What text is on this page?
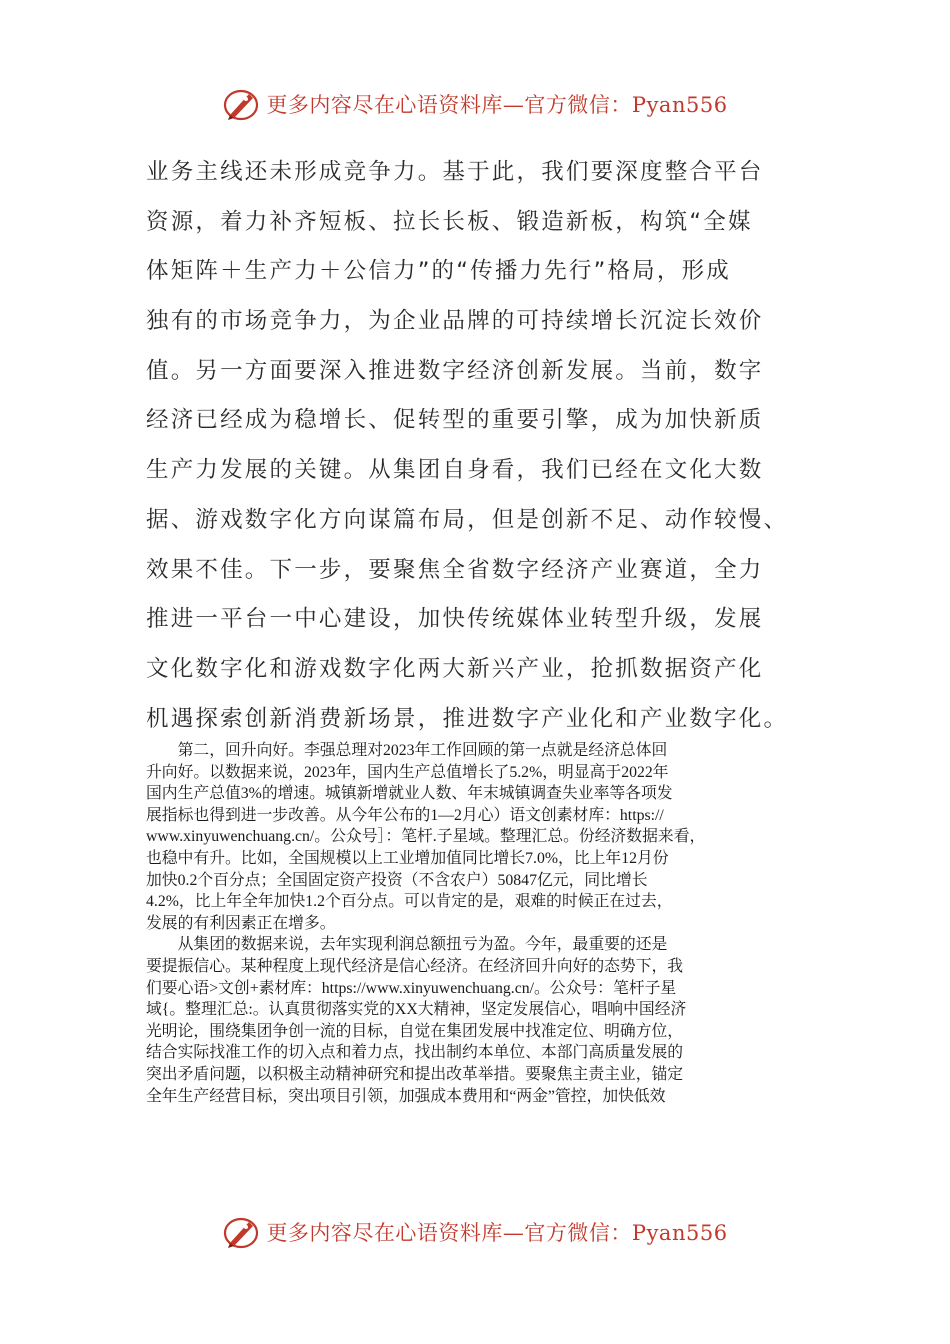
更多内容尽在心语资料库—官方微信：Pyan556
业务主线还未形成竞争力。基于此，我们要深度整合平台
资源，着力补齐短板、拉长长板、锻造新板，构筑“全媒
体矩阵＋生产力＋公信力”的“传播力先行”格局，形成
独有的市场竞争力，为企业品牌的可持续增长沉淀长效价
值。另一方面要深入推进数字经济创新发展。当前，数字
经济已经成为稳增长、促转型的重要引擎，成为加快新质
生产力发展的关键。从集团自身看，我们已经在文化大数
据、游戏数字化方向谋篇布局，但是创新不足、动作较慢、
效果不佳。下一步，要聚焦全省数字经济产业赛道，全力
推进一平台一中心建设，加快传统媒体业转型升级，发展
文化数字化和游戏数字化两大新兴产业，抢抓数据资产化
机遇探索创新消费新场景，推进数字产业化和产业数字化。
　　第二，回升向好。李强总理对2023年工作回顾的第一点就是经济总体回
升向好。以数据来说，2023年，国内生产总值增长了5.2%，明显高于2022年
国内生产总值3%的增速。城镇新增就业人数、年末城镇调查失业率等各项发
展指标也得到进一步改善。从今年公布的1—2月心）语文创素材库：https://
www.xinyuwenchuang.cn/。公众号］：笔杆.子星域。整理汇总。份经济数据来看，
也稳中有升。比如，全国规模以上工业增加值同比增长7.0%，比上年12月份
加快0.2个百分点；全国固定资产投资（不含农户）50847亿元，同比增长
4.2%，比上年全年加快1.2个百分点。可以肯定的是，艰难的时候正在过去，
发展的有利因素正在增多。
　　从集团的数据来说，去年实现利润总额扭亏为盈。今年，最重要的还是
要提振信心。某种程度上现代经济是信心经济。在经济回升向好的态势下，我
们要心语>文创+素材库：https://www.xinyuwenchuang.cn/。公众号：笔杆子星
域{。整理汇总:。认真贯彻落实党的XX大精神，坚定发展信心，唱响中国经济
光明论，围绕集团争创一流的目标，自觉在集团发展中找准定位、明确方位，
结合实际找准工作的切入点和着力点，找出制约本单位、本部门高质量发展的
突出矛盾问题，以积极主动精神研究和提出改革举措。要聚焦主责主业，锚定
全年生产经营目标，突出项目引领，加强成本费用和“两金”管控，加快低效
更多内容尽在心语资料库—官方微信：Pyan556
